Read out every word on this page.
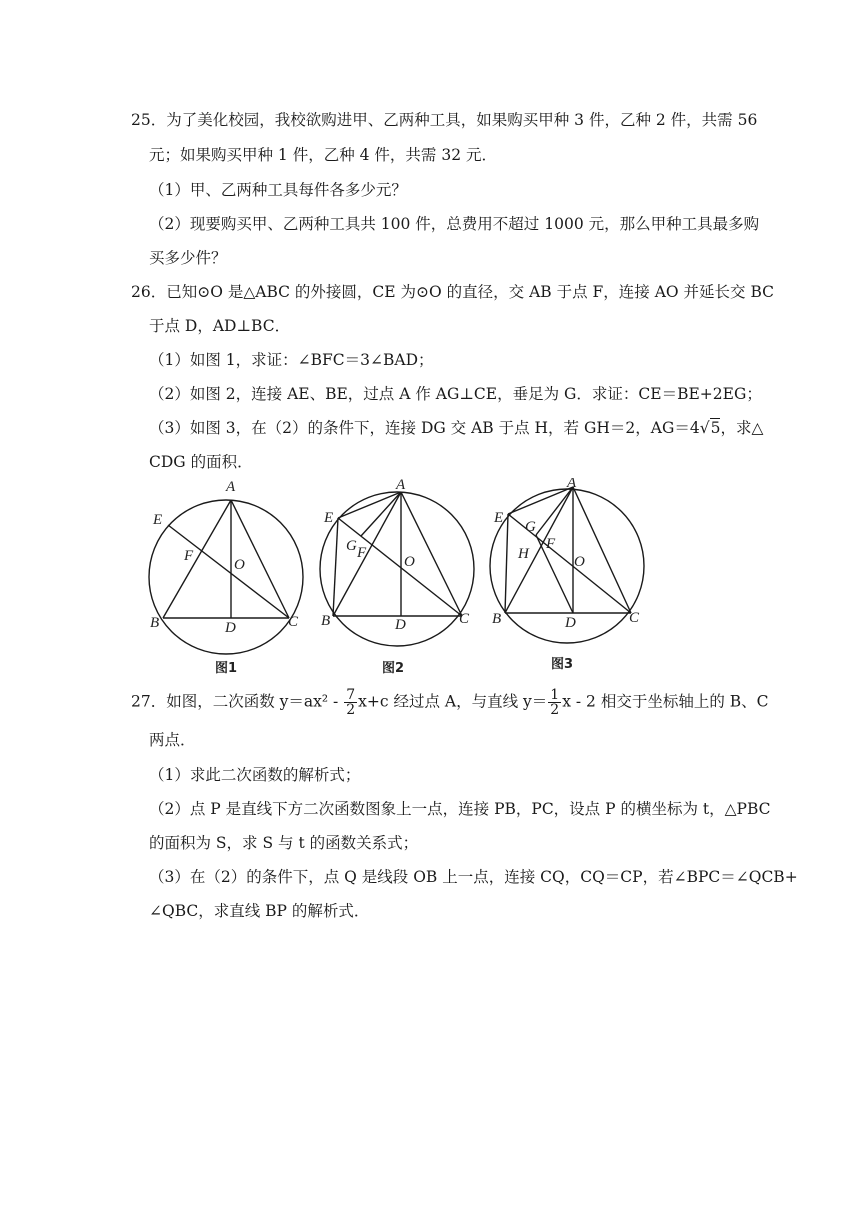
25．为了美化校园，我校欲购进甲、乙两种工具，如果购买甲种 3 件，乙种 2 件，共需 56
元；如果购买甲种 1 件，乙种 4 件，共需 32 元．
（1）甲、乙两种工具每件各多少元？
（2）现要购买甲、乙两种工具共 100 件，总费用不超过 1000 元，那么甲种工具最多购
买多少件？
26．已知⊙O 是△ABC 的外接圆，CE 为⊙O 的直径，交 AB 于点 F，连接 AO 并延长交 BC
于点 D，AD⊥BC．
（1）如图 1，求证：∠BFC＝3∠BAD；
（2）如图 2，连接 AE、BE，过点 A 作 AG⊥CE，垂足为 G．求证：CE＝BE+2EG；
（3）如图 3，在（2）的条件下，连接 DG 交 AB 于点 H，若 GH＝2，AG＝4√5，求△
CDG 的面积．
A
E
F
O
B	D	C
图1
A
E
G F
O
B	D	C
图2
A
E
G
H
F
O
B	D	C
图3
27．如图，二次函数 $y=ax^2 - \frac{7}{2} x+c$ 经过点 A，与直线 $y= \frac{1}{2}$ x - 2 相交于坐标轴上的 B、C
两点．
（1）求此二次函数的解析式；
（2）点 P 是直线下方二次函数图象上一点，连接 PB，PC，设点 P 的横坐标为 t，△PBC
的面积为 S，求 S 与 t 的函数关系式；
（3）在（2）的条件下，点 Q 是线段 OB 上一点，连接 CQ，CQ＝CP，若∠BPC＝∠QCB+
∠QBC，求直线 BP 的解析式．
